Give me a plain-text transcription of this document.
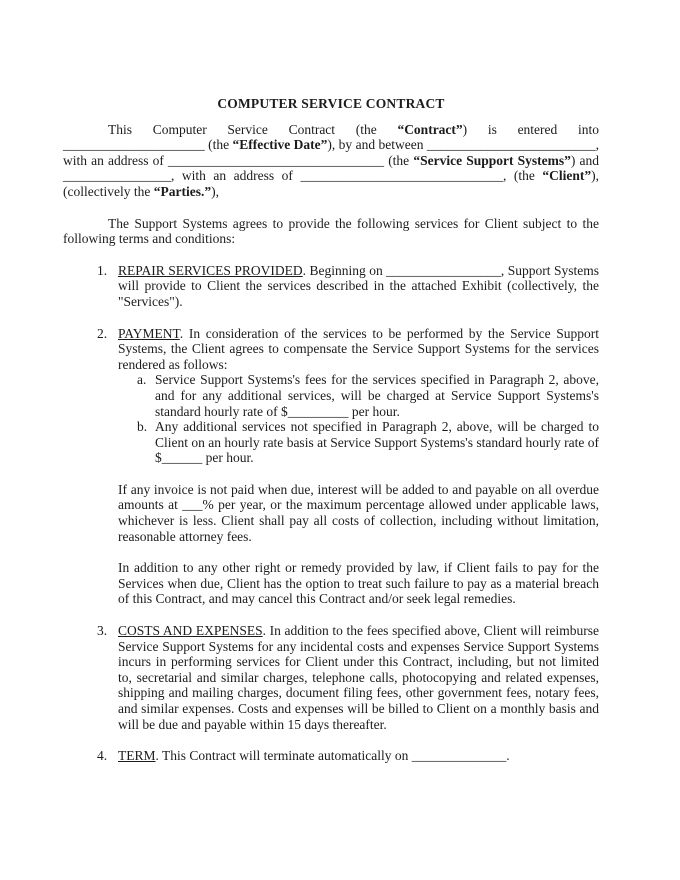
COMPUTER SERVICE CONTRACT
This Computer Service Contract (the “Contract”) is entered into _____________________ (the “Effective Date”), by and between _________________________, with an address of ________________________________ (the “Service Support Systems”) and ________________, with an address of ______________________________, (the “Client”), (collectively the “Parties.”),
The Support Systems agrees to provide the following services for Client subject to the following terms and conditions:
1. REPAIR SERVICES PROVIDED. Beginning on _________________, Support Systems will provide to Client the services described in the attached Exhibit (collectively, the "Services").
2. PAYMENT. In consideration of the services to be performed by the Service Support Systems, the Client agrees to compensate the Service Support Systems for the services rendered as follows:
a. Service Support Systems's fees for the services specified in Paragraph 2, above, and for any additional services, will be charged at Service Support Systems's standard hourly rate of $_________ per hour.
b. Any additional services not specified in Paragraph 2, above, will be charged to Client on an hourly rate basis at Service Support Systems's standard hourly rate of $______ per hour.
If any invoice is not paid when due, interest will be added to and payable on all overdue amounts at ___% per year, or the maximum percentage allowed under applicable laws, whichever is less. Client shall pay all costs of collection, including without limitation, reasonable attorney fees.
In addition to any other right or remedy provided by law, if Client fails to pay for the Services when due, Client has the option to treat such failure to pay as a material breach of this Contract, and may cancel this Contract and/or seek legal remedies.
3. COSTS AND EXPENSES. In addition to the fees specified above, Client will reimburse Service Support Systems for any incidental costs and expenses Service Support Systems incurs in performing services for Client under this Contract, including, but not limited to, secretarial and similar charges, telephone calls, photocopying and related expenses, shipping and mailing charges, document filing fees, other government fees, notary fees, and similar expenses. Costs and expenses will be billed to Client on a monthly basis and will be due and payable within 15 days thereafter.
4. TERM. This Contract will terminate automatically on ______________.
